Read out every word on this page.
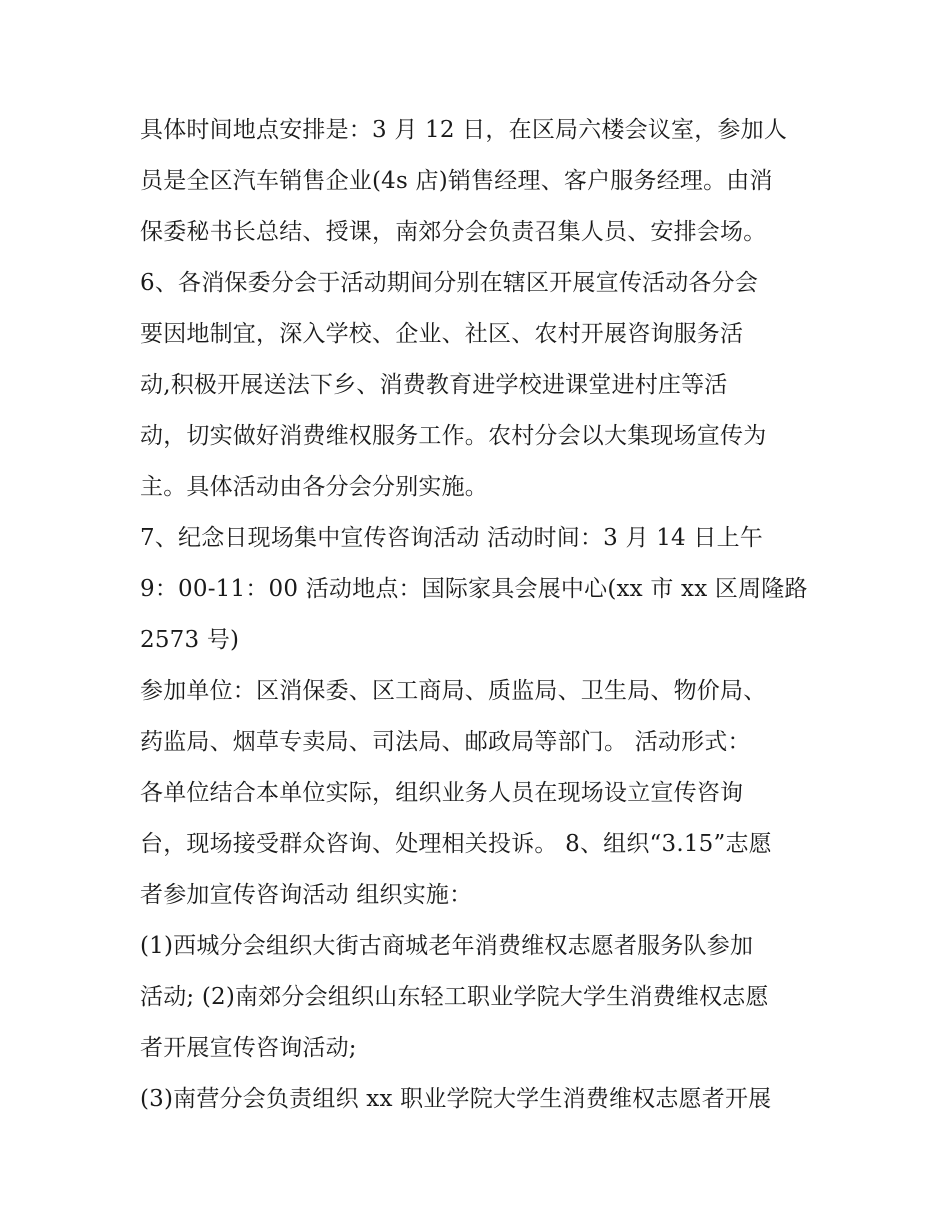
具体时间地点安排是：3 月 12 日，在区局六楼会议室，参加人
员是全区汽车销售企业(4s 店)销售经理、客户服务经理。由消
保委秘书长总结、授课，南郊分会负责召集人员、安排会场。
6、各消保委分会于活动期间分别在辖区开展宣传活动各分会
要因地制宜，深入学校、企业、社区、农村开展咨询服务活
动,积极开展送法下乡、消费教育进学校进课堂进村庄等活
动，切实做好消费维权服务工作。农村分会以大集现场宣传为
主。具体活动由各分会分别实施。
7、纪念日现场集中宣传咨询活动 活动时间：3 月 14 日上午
9：00-11：00 活动地点：国际家具会展中心(xx 市 xx 区周隆路
2573 号)
参加单位：区消保委、区工商局、质监局、卫生局、物价局、
药监局、烟草专卖局、司法局、邮政局等部门。 活动形式：
各单位结合本单位实际，组织业务人员在现场设立宣传咨询
台，现场接受群众咨询、处理相关投诉。 8、组织“3.15”志愿
者参加宣传咨询活动 组织实施：
(1)西城分会组织大街古商城老年消费维权志愿者服务队参加
活动; (2)南郊分会组织山东轻工职业学院大学生消费维权志愿
者开展宣传咨询活动;
(3)南营分会负责组织 xx 职业学院大学生消费维权志愿者开展
